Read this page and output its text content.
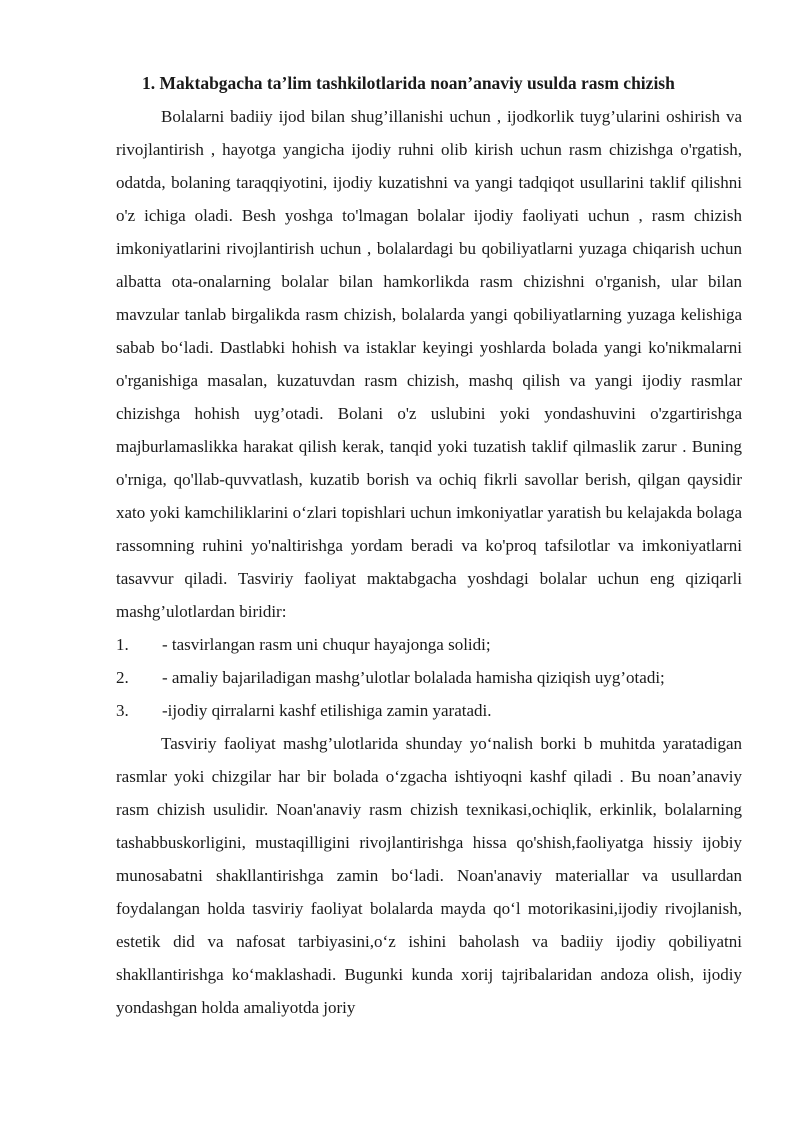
1. Maktabgacha ta’lim tashkilotlarida noan’anaviy usulda rasm chizish

Bolalarni badiiy ijod bilan shug’illanishi uchun , ijodkorlik tuyg’ularini oshirish va rivojlantirish , hayotga yangicha ijodiy ruhni olib kirish uchun rasm chizishga o'rgatish, odatda, bolaning taraqqiyotini, ijodiy kuzatishni va yangi tadqiqot usullarini taklif qilishni o'z ichiga oladi. Besh yoshga to'lmagan bolalar ijodiy faoliyati uchun , rasm chizish imkoniyatlarini rivojlantirish uchun , bolalardagi bu qobiliyatlarni yuzaga chiqarish uchun albatta ota-onalarning bolalar bilan hamkorlikda rasm chizishni o'rganish, ular bilan mavzular tanlab birgalikda rasm chizish, bolalarda yangi qobiliyatlarning yuzaga kelishiga sabab bo‘ladi. Dastlabki hohish va istaklar keyingi yoshlarda bolada yangi ko'nikmalarni o'rganishiga masalan, kuzatuvdan rasm chizish, mashq qilish va yangi ijodiy rasmlar chizishga hohish uyg’otadi. Bolani o'z uslubini yoki yondashuvini o'zgartirishga majburlamaslikka harakat qilish kerak, tanqid yoki tuzatish taklif qilmaslik zarur . Buning o'rniga, qo'llab-quvvatlash, kuzatib borish va ochiq fikrli savollar berish, qilgan qaysidir xato yoki kamchiliklarini o‘zlari topishlari uchun imkoniyatlar yaratish bu kelajakda bolaga rassomning ruhini yo'naltirishga yordam beradi va ko'proq tafsilotlar va imkoniyatlarni tasavvur qiladi. Tasviriy faoliyat maktabgacha yoshdagi bolalar uchun eng qiziqarli mashg’ulotlardan biridir:

1.	- tasvirlangan rasm uni chuqur hayajonga solidi;
2.	- amaliy bajariladigan mashg’ulotlar bolalada hamisha qiziqish uyg’otadi;
3.	-ijodiy qirralarni kashf etilishiga zamin yaratadi.

Tasviriy faoliyat mashg’ulotlarida shunday yo‘nalish borki b muhitda yaratadigan rasmlar yoki chizgilar har bir bolada o‘zgacha ishtiyoqni kashf qiladi . Bu noan’anaviy rasm chizish usulidir. Noan'anaviy rasm chizish texnikasi,ochiqlik, erkinlik, bolalarning tashabbuskorligini, mustaqilligini rivojlantirishga hissa qo'shish,faoliyatga hissiy ijobiy munosabatni shakllantirishga zamin bo‘ladi. Noan'anaviy materiallar va usullardan foydalangan holda tasviriy faoliyat bolalarda mayda qo‘l motorikasini,ijodiy rivojlanish, estetik did va nafosat tarbiyasini,o‘z ishini baholash va badiiy ijodiy qobiliyatni shakllantirishga ko‘maklashadi. Bugunki kunda xorij tajribalaridan andoza olish, ijodiy yondashgan holda amaliyotda joriy
